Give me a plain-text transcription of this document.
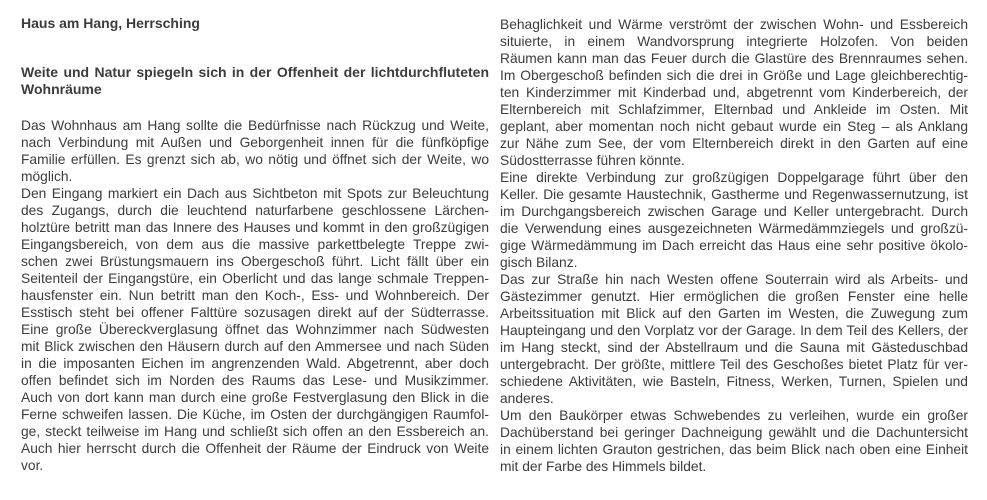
Haus am Hang, Herrsching
Weite und Natur spiegeln sich in der Offenheit der lichtdurchfluteten
Wohnräume
Das Wohnhaus am Hang sollte die Bedürfnisse nach Rückzug und Weite,
nach Verbindung mit Außen und Geborgenheit innen für die fünfköpfige
Familie erfüllen. Es grenzt sich ab, wo nötig und öffnet sich der Weite, wo
möglich.
Den Eingang markiert ein Dach aus Sichtbeton mit Spots zur Beleuchtung
des Zugangs, durch die leuchtend naturfarbene geschlossene Lärchen-
holztüre betritt man das Innere des Hauses und kommt in den großzügigen
Eingangsbereich, von dem aus die massive parkettbelegte Treppe zwi-
schen zwei Brüstungsmauern ins Obergeschoß führt. Licht fällt über ein
Seitenteil der Eingangstüre, ein Oberlicht und das lange schmale Treppen-
hausfenster ein. Nun betritt man den Koch-, Ess- und Wohnbereich. Der
Esstisch steht bei offener Falttüre sozusagen direkt auf der Südterrasse.
Eine große Übereckverglasung öffnet das Wohnzimmer nach Südwesten
mit Blick zwischen den Häusern durch auf den Ammersee und nach Süden
in die imposanten Eichen im angrenzenden Wald. Abgetrennt, aber doch
offen befindet sich im Norden des Raums das Lese- und Musikzimmer.
Auch von dort kann man durch eine große Festverglasung den Blick in die
Ferne schweifen lassen. Die Küche, im Osten der durchgängigen Raumfol-
ge, steckt teilweise im Hang und schließt sich offen an den Essbereich an.
Auch hier herrscht durch die Offenheit der Räume der Eindruck von Weite
vor.
Behaglichkeit und Wärme verströmt der zwischen Wohn- und Essbereich
situierte, in einem Wandvorsprung integrierte Holzofen. Von beiden
Räumen kann man das Feuer durch die Glastüre des Brennraumes sehen.
Im Obergeschoß befinden sich die drei in Größe und Lage gleichberechtig-
ten Kinderzimmer mit Kinderbad und, abgetrennt vom Kinderbereich, der
Elternbereich mit Schlafzimmer, Elternbad und Ankleide im Osten. Mit
geplant, aber momentan noch nicht gebaut wurde ein Steg – als Anklang
zur Nähe zum See, der vom Elternbereich direkt in den Garten auf eine
Südostterrasse führen könnte.
Eine direkte Verbindung zur großzügigen Doppelgarage führt über den
Keller. Die gesamte Haustechnik, Gastherme und Regenwassernutzung, ist
im Durchgangsbereich zwischen Garage und Keller untergebracht. Durch
die Verwendung eines ausgezeichneten Wärmedämmziegels und großzü-
gige Wärmedämmung im Dach erreicht das Haus eine sehr positive ökolo-
gisch Bilanz.
Das zur Straße hin nach Westen offene Souterrain wird als Arbeits- und
Gästezimmer genutzt. Hier ermöglichen die großen Fenster eine helle
Arbeitssituation mit Blick auf den Garten im Westen, die Zuwegung zum
Haupteingang und den Vorplatz vor der Garage. In dem Teil des Kellers, der
im Hang steckt, sind der Abstellraum und die Sauna mit Gästeduschbad
untergebracht. Der größte, mittlere Teil des Geschoßes bietet Platz für ver-
schiedene Aktivitäten, wie Basteln, Fitness, Werken, Turnen, Spielen und
anderes.
Um den Baukörper etwas Schwebendes zu verleihen, wurde ein großer
Dachüberstand bei geringer Dachneigung gewählt und die Dachuntersicht
in einem lichten Grauton gestrichen, das beim Blick nach oben eine Einheit
mit der Farbe des Himmels bildet.
